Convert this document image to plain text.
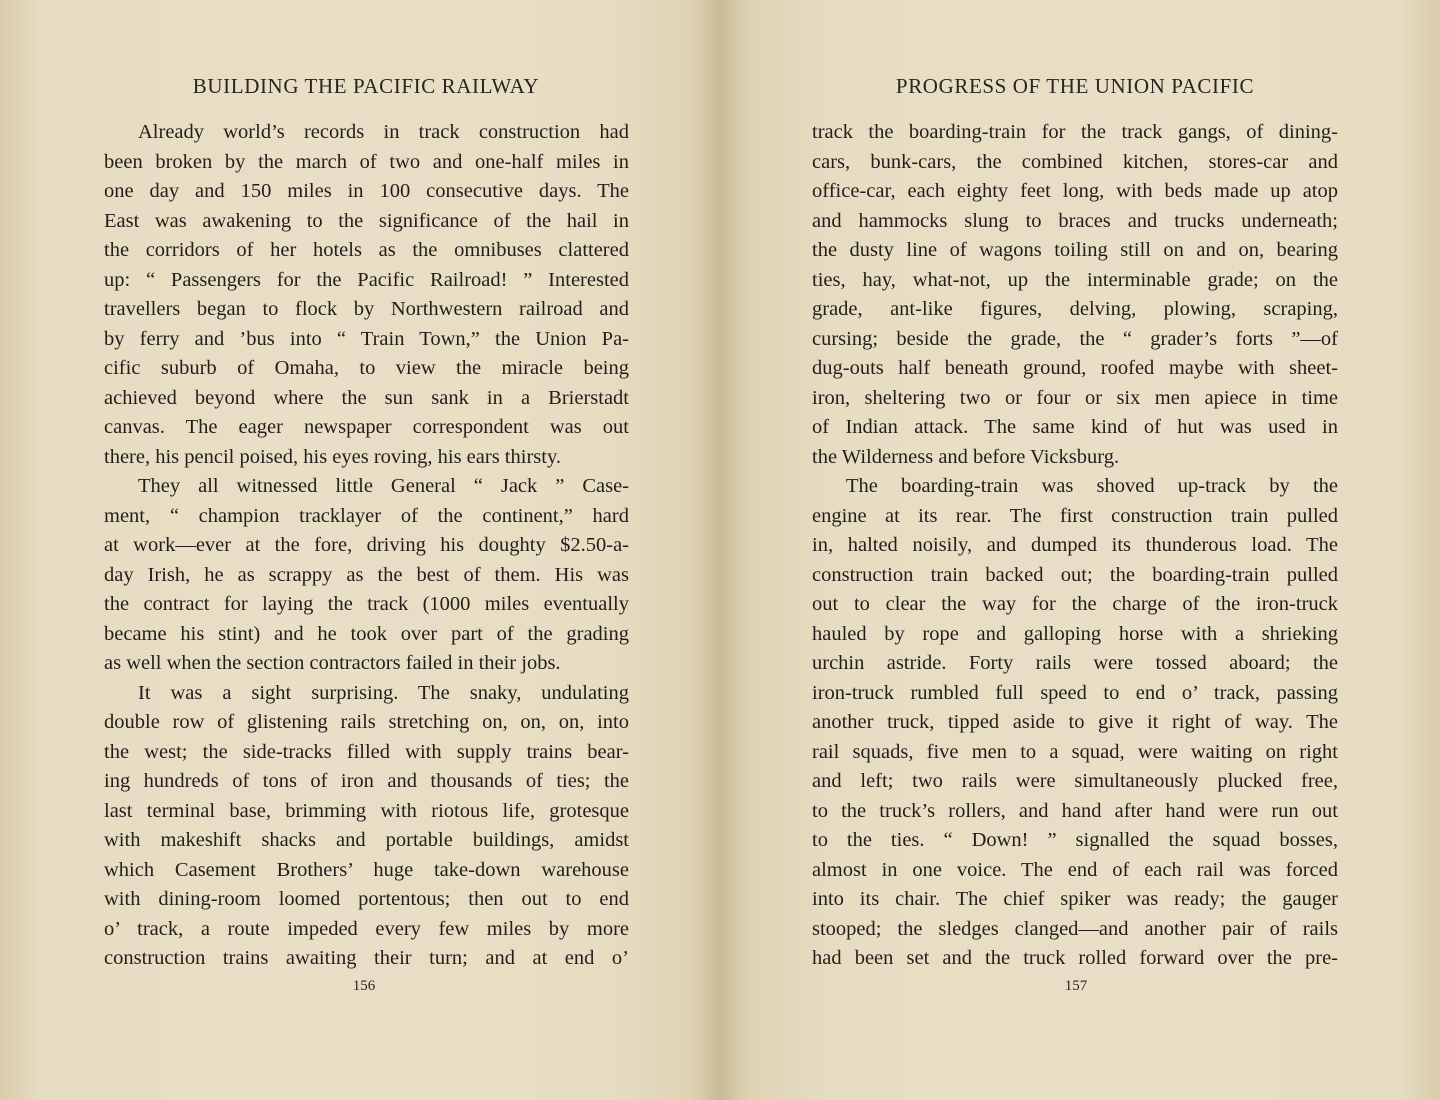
BUILDING THE PACIFIC RAILWAY
Already world’s records in track construction had
been broken by the march of two and one-half miles in
one day and 150 miles in 100 consecutive days. The
East was awakening to the significance of the hail in
the corridors of her hotels as the omnibuses clattered
up: “ Passengers for the Pacific Railroad! ” Interested
travellers began to flock by Northwestern railroad and
by ferry and ’bus into “ Train Town,” the Union Pa-
cific suburb of Omaha, to view the miracle being
achieved beyond where the sun sank in a Brierstadt
canvas. The eager newspaper correspondent was out
there, his pencil poised, his eyes roving, his ears thirsty.
They all witnessed little General “ Jack ” Case-
ment, “ champion tracklayer of the continent,” hard
at work—ever at the fore, driving his doughty $2.50-a-
day Irish, he as scrappy as the best of them. His was
the contract for laying the track (1000 miles eventually
became his stint) and he took over part of the grading
as well when the section contractors failed in their jobs.
It was a sight surprising. The snaky, undulating
double row of glistening rails stretching on, on, on, into
the west; the side-tracks filled with supply trains bear-
ing hundreds of tons of iron and thousands of ties; the
last terminal base, brimming with riotous life, grotesque
with makeshift shacks and portable buildings, amidst
which Casement Brothers’ huge take-down warehouse
with dining-room loomed portentous; then out to end
o’ track, a route impeded every few miles by more
construction trains awaiting their turn; and at end o’
156
PROGRESS OF THE UNION PACIFIC
track the boarding-train for the track gangs, of dining-
cars, bunk-cars, the combined kitchen, stores-car and
office-car, each eighty feet long, with beds made up atop
and hammocks slung to braces and trucks underneath;
the dusty line of wagons toiling still on and on, bearing
ties, hay, what-not, up the interminable grade; on the
grade, ant-like figures, delving, plowing, scraping,
cursing; beside the grade, the “ grader’s forts ”—of
dug-outs half beneath ground, roofed maybe with sheet-
iron, sheltering two or four or six men apiece in time
of Indian attack. The same kind of hut was used in
the Wilderness and before Vicksburg.
The boarding-train was shoved up-track by the
engine at its rear. The first construction train pulled
in, halted noisily, and dumped its thunderous load. The
construction train backed out; the boarding-train pulled
out to clear the way for the charge of the iron-truck
hauled by rope and galloping horse with a shrieking
urchin astride. Forty rails were tossed aboard; the
iron-truck rumbled full speed to end o’ track, passing
another truck, tipped aside to give it right of way. The
rail squads, five men to a squad, were waiting on right
and left; two rails were simultaneously plucked free,
to the truck’s rollers, and hand after hand were run out
to the ties. “ Down! ” signalled the squad bosses,
almost in one voice. The end of each rail was forced
into its chair. The chief spiker was ready; the gauger
stooped; the sledges clanged—and another pair of rails
had been set and the truck rolled forward over the pre-
157
